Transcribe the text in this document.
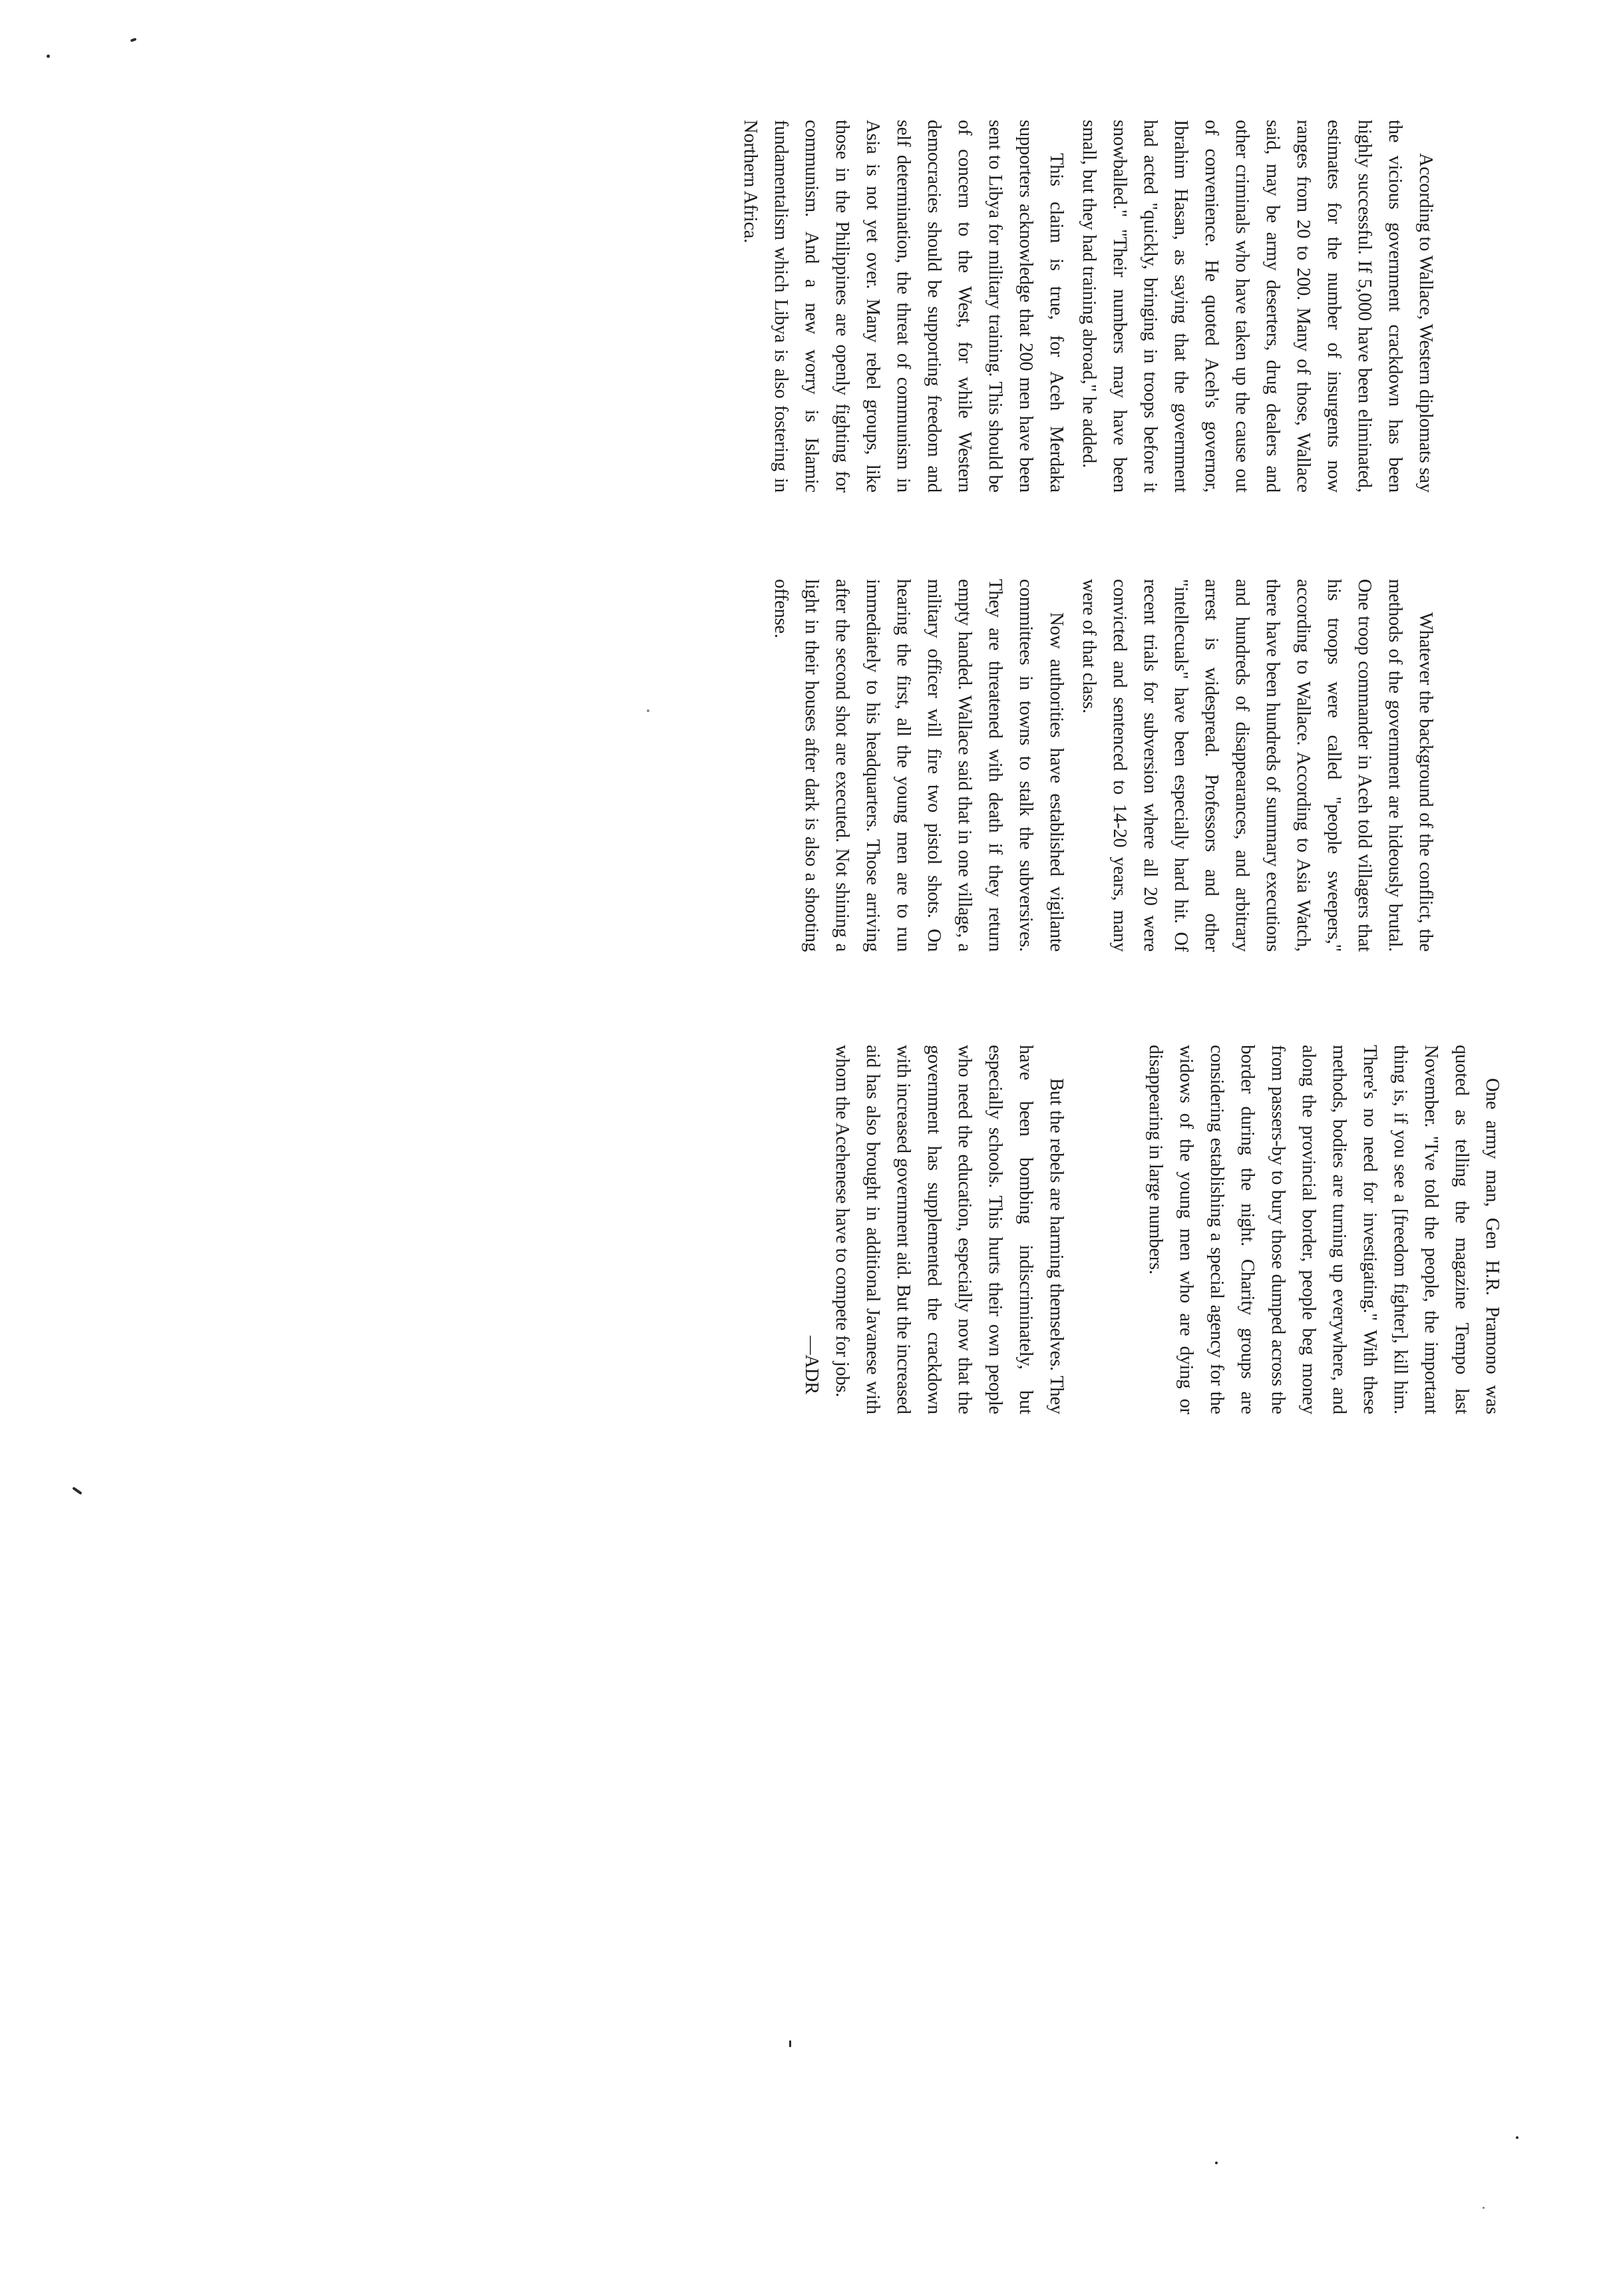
According to Wallace, Western diplomats say the vicious government crackdown has been highly successful. If 5,000 have been eliminated, estimates for the number of insurgents now ranges from 20 to 200. Many of those, Wallace said, may be army deserters, drug dealers and other criminals who have taken up the cause out of convenience. He quoted Aceh's governor, Ibrahim Hasan, as saying that the government had acted "quickly, bringing in troops before it snowballed." "Their numbers may have been small, but they had training abroad," he added.

This claim is true, for Aceh Merdaka supporters acknowledge that 200 men have been sent to Libya for military training. This should be of concern to the West, for while Western democracies should be supporting freedom and self determination, the threat of communism in Asia is not yet over. Many rebel groups, like those in the Philippines are openly fighting for communism. And a new worry is Islamic fundamentalism which Libya is also fostering in Northern Africa.

Whatever the background of the conflict, the methods of the government are hideously brutal. One troop commander in Aceh told villagers that his troops were called "people sweepers," according to Wallace. According to Asia Watch, there have been hundreds of summary executions and hundreds of disappearances, and arbitrary arrest is widespread. Professors and other "intellecuals" have been especially hard hit. Of recent trials for subversion where all 20 were convicted and sentenced to 14-20 years, many were of that class.

Now authorities have established vigilante committees in towns to stalk the subversives. They are threatened with death if they return empty handed. Wallace said that in one village, a military officer will fire two pistol shots. On hearing the first, all the young men are to run immediately to his headquarters. Those arriving after the second shot are executed. Not shining a light in their houses after dark is also a shooting offense.

One army man, Gen H.R. Pramono was quoted as telling the magazine Tempo last November. "I've told the people, the important thing is, if you see a [freedom fighter], kill him. There's no need for investigating." With these methods, bodies are turning up everywhere, and along the provincial border, people beg money from passers-by to bury those dumped across the border during the night. Charity groups are considering establishing a special agency for the widows of the young men who are dying or disappearing in large numbers.

But the rebels are harming themselves. They have been bombing indiscriminately, but especially schools. This hurts their own people who need the education, especially now that the government has supplemented the crackdown with increased government aid. But the increased aid has also brought in additional Javanese with whom the Acehenese have to compete for jobs.

—ADR
